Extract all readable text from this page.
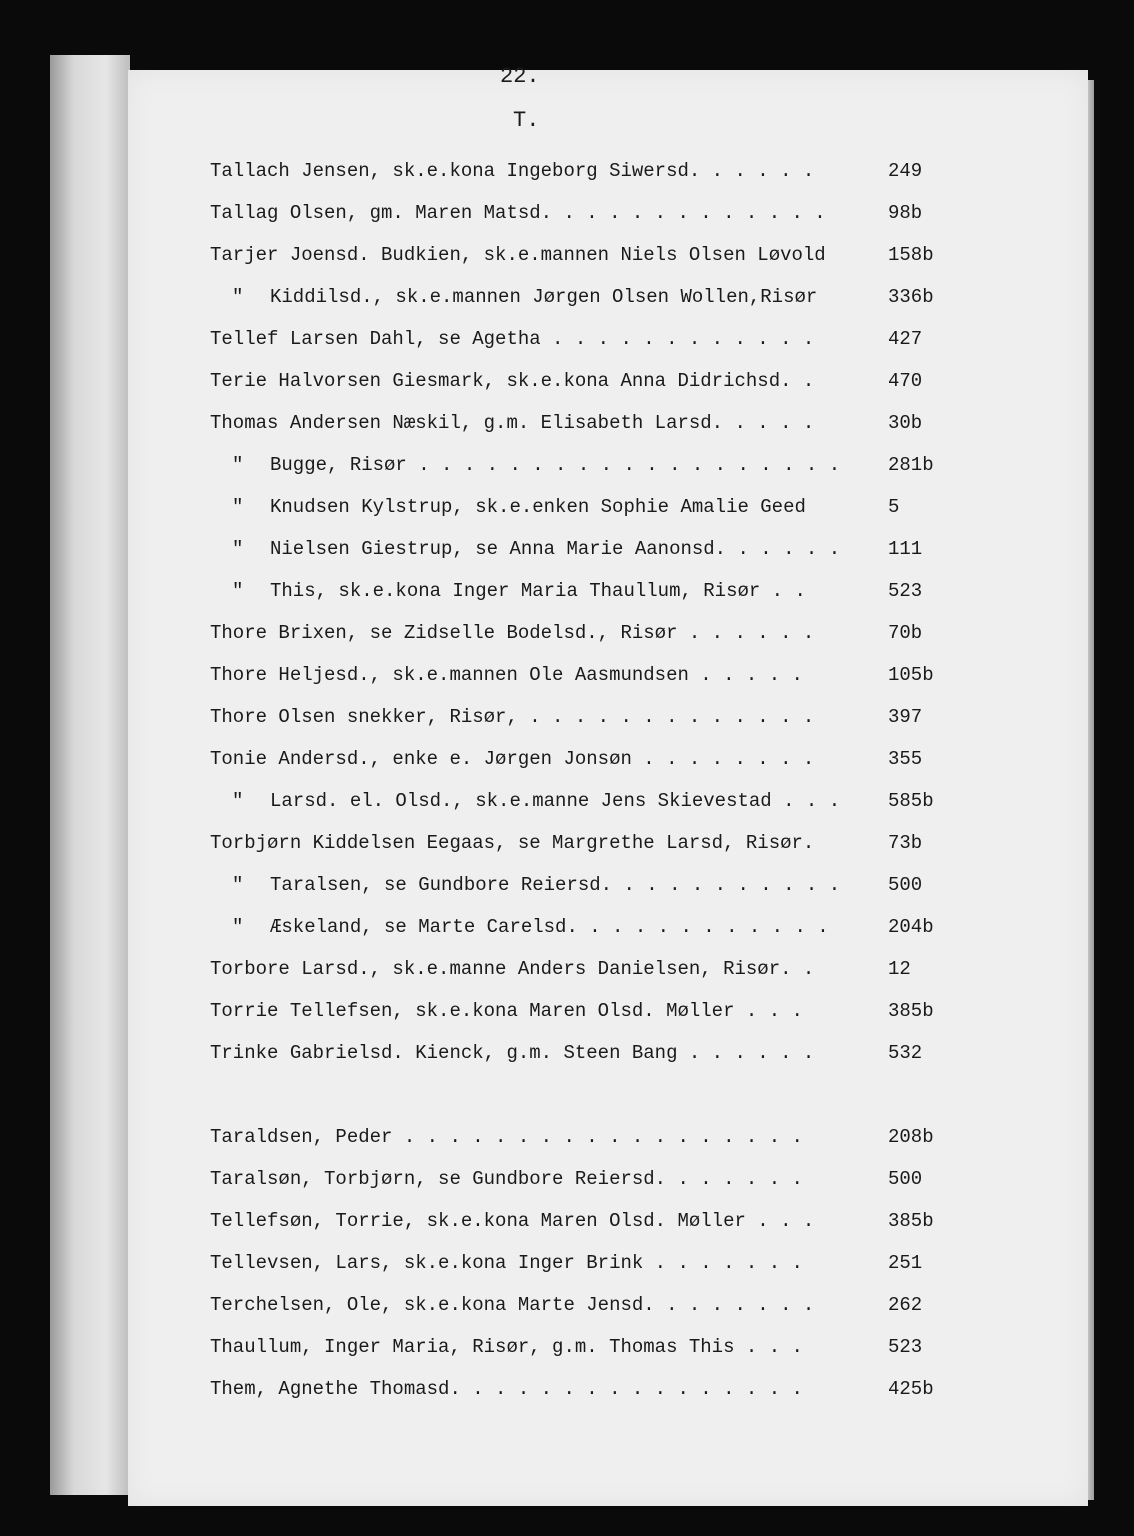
22.
T.
Tallach Jensen, sk.e.kona Ingeborg Siwersd. . . . . .	249
Tallag Olsen, gm. Maren Matsd. . . . . . . . . . . . .	98b
Tarjer Joensd. Budkien, sk.e.mannen Niels Olsen Løvold	158b
" Kiddilsd., sk.e.mannen Jørgen Olsen Wollen,Risør	336b
Tellef Larsen Dahl, se Agetha . . . . . . . . . . . .	427
Terie Halvorsen Giesmark, sk.e.kona Anna Didrichsd. .	470
Thomas Andersen Næskil, g.m. Elisabeth Larsd. . . . .	30b
" Bugge, Risør . . . . . . . . . . . . . . . . . . .	281b
" Knudsen Kylstrup, sk.e.enken Sophie Amalie Geed	5
" Nielsen Giestrup, se Anna Marie Aanonsd. . . . . .	111
" This, sk.e.kona Inger Maria Thaullum, Risør . .	523
Thore Brixen, se Zidselle Bodelsd., Risør . . . . . .	70b
Thore Heljesd., sk.e.mannen Ole Aasmundsen . . . . .	105b
Thore Olsen snekker, Risør, . . . . . . . . . . . . .	397
Tonie Andersd., enke e. Jørgen Jonsøn . . . . . . . .	355
" Larsd. el. Olsd., sk.e.manne Jens Skievestad . . .	585b
Torbjørn Kiddelsen Eegaas, se Margrethe Larsd, Risør.	73b
" Taralsen, se Gundbore Reiersd. . . . . . . . . . .	500
" Æskeland, se Marte Carelsd. . . . . . . . . . . .	204b
Torbore Larsd., sk.e.manne Anders Danielsen, Risør. .	12
Torrie Tellefsen, sk.e.kona Maren Olsd. Møller . . .	385b
Trinke Gabrielsd. Kienck, g.m. Steen Bang . . . . . .	532
Taraldsen, Peder . . . . . . . . . . . . . . . . . .	208b
Taralsøn, Torbjørn, se Gundbore Reiersd. . . . . . .	500
Tellefsøn, Torrie, sk.e.kona Maren Olsd. Møller . . .	385b
Tellevsen, Lars, sk.e.kona Inger Brink . . . . . . .	251
Terchelsen, Ole, sk.e.kona Marte Jensd. . . . . . . .	262
Thaullum, Inger Maria, Risør, g.m. Thomas This . . .	523
Them, Agnethe Thomasd. . . . . . . . . . . . . . . .	425b
